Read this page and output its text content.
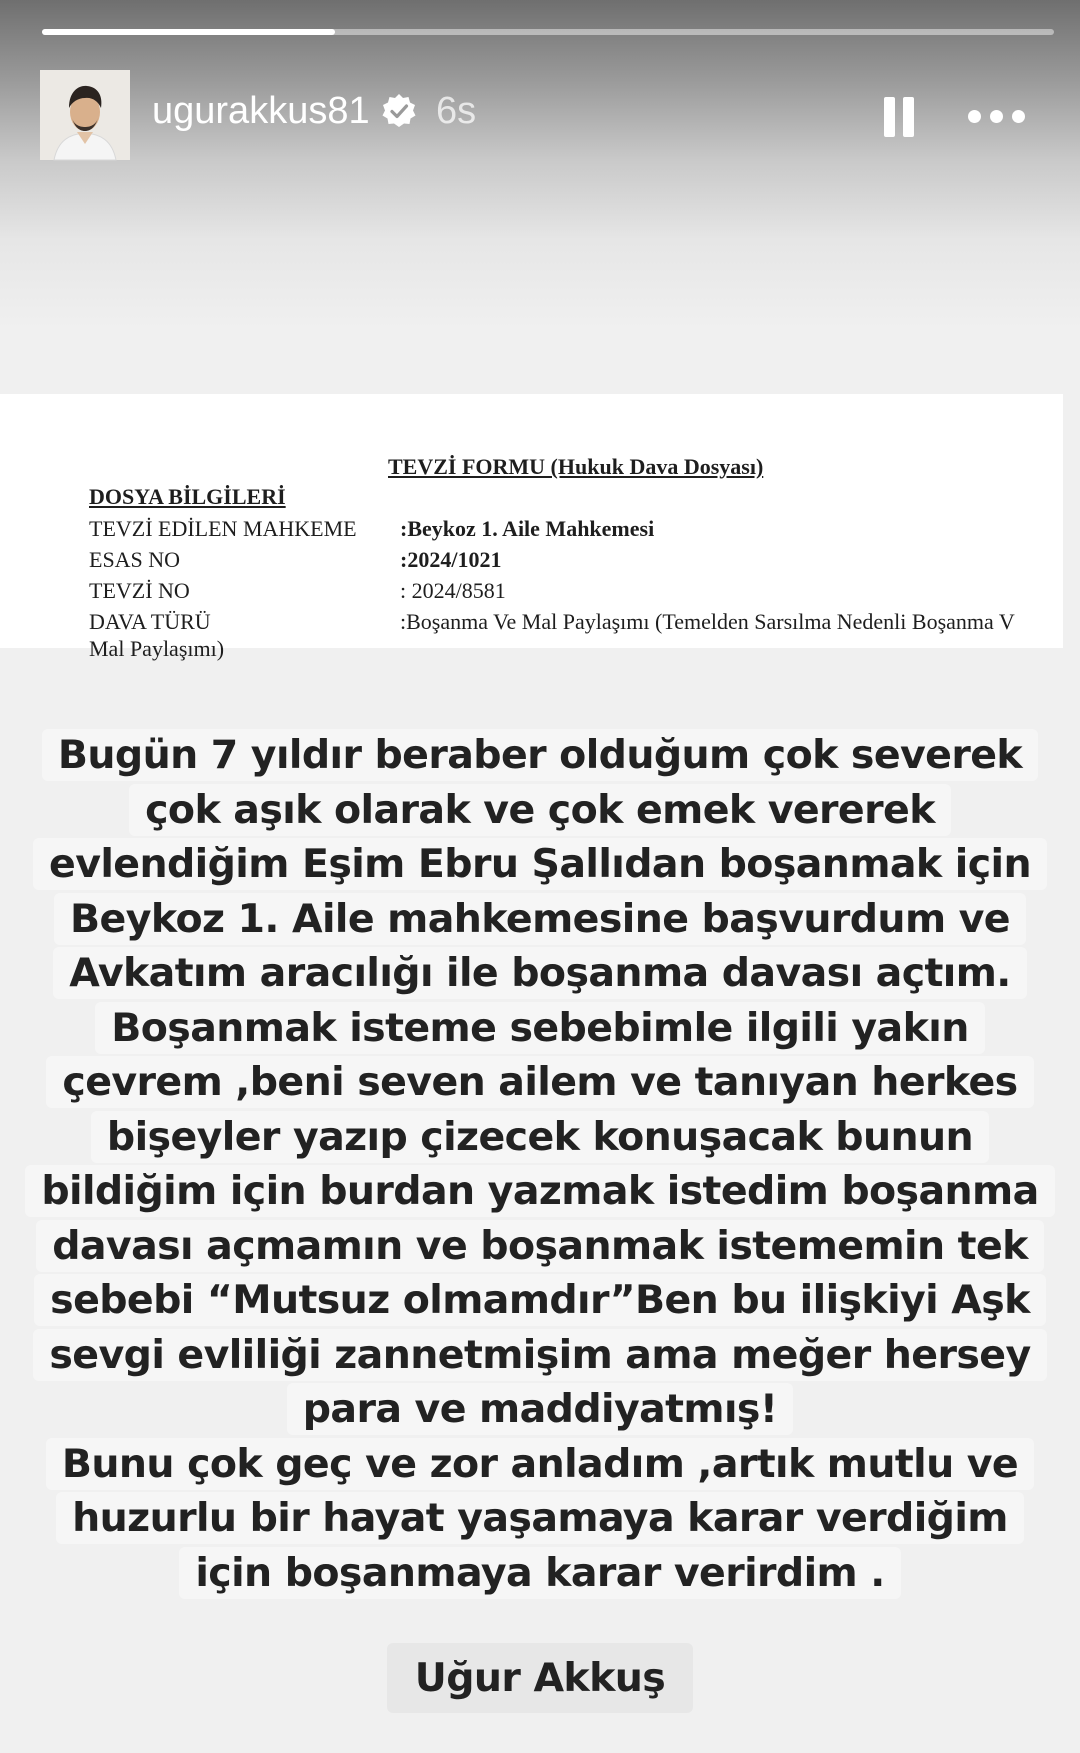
ugurakkus81 6s
TEVZİ FORMU (Hukuk Dava Dosyası)
DOSYA BİLGİLERİ
TEVZİ EDİLEN MAHKEME :Beykoz 1. Aile Mahkemesi
ESAS NO	:2024/1021
TEVZİ NO	: 2024/8581
DAVA TÜRÜ	:Boşanma Ve Mal Paylaşımı (Temelden Sarsılma Nedenli Boşanma V
Mal Paylaşımı)
Bugün 7 yıldır beraber olduğum çok severek
çok aşık olarak ve çok emek vererek
evlendiğim Eşim Ebru Şallıdan boşanmak için
Beykoz 1. Aile mahkemesine başvurdum ve
Avkatım aracılığı ile boşanma davası açtım.
Boşanmak isteme sebebimle ilgili yakın
çevrem ,beni seven ailem ve tanıyan herkes
bişeyler yazıp çizecek konuşacak bunun
bildiğim için burdan yazmak istedim boşanma
davası açmamın ve boşanmak istememin tek
sebebi “Mutsuz olmamdır”Ben bu ilişkiyi Aşk
sevgi evliliği zannetmişim ama meğer hersey
para ve maddiyatmış!
Bunu çok geç ve zor anladım ,artık mutlu ve
huzurlu bir hayat yaşamaya karar verdiğim
için boşanmaya karar verirdim .
Uğur Akkuş
